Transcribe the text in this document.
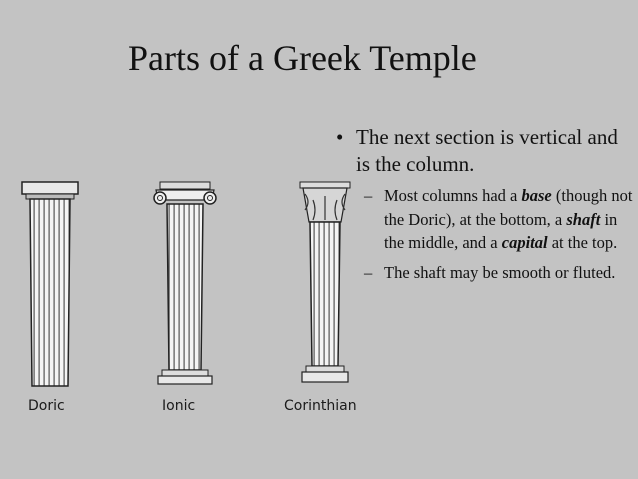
Parts of a Greek Temple
Doric	Ionic	Corinthian
• The next section is vertical and is the column.
– Most columns had a base (though not the Doric), at the bottom, a shaft in the middle, and a capital at the top.
– The shaft may be smooth or fluted.
